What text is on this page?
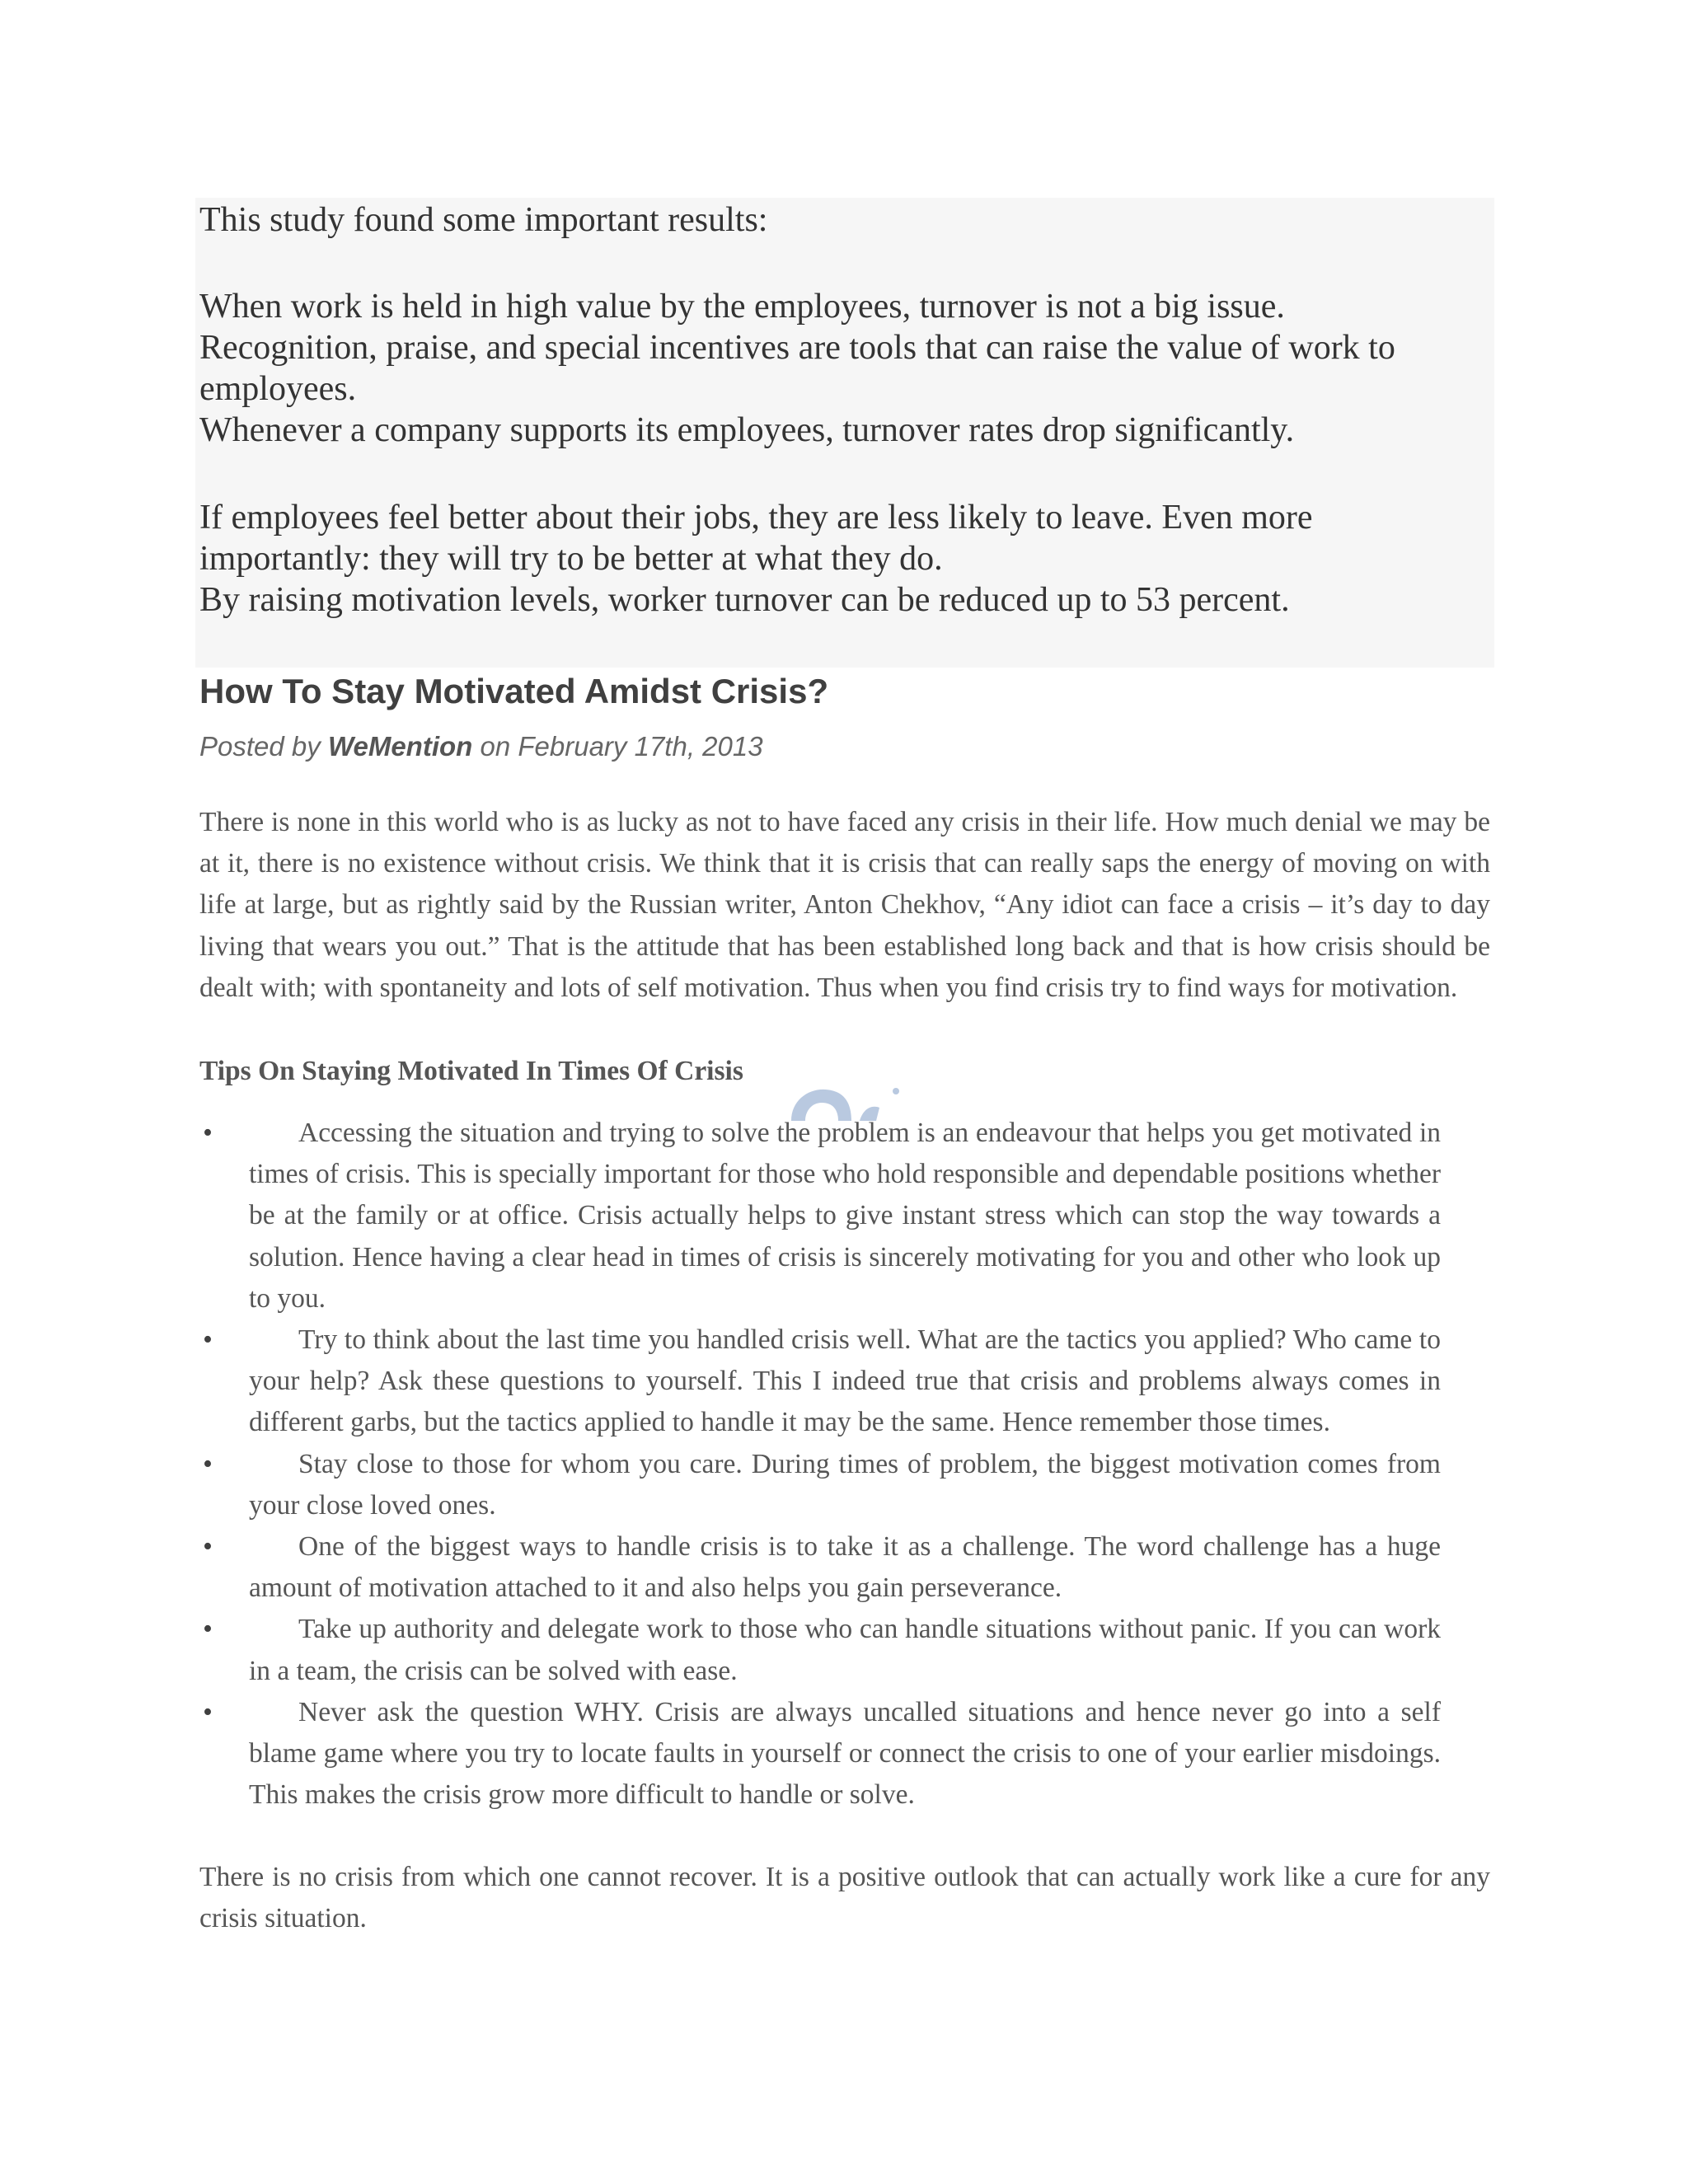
This study found some important results:

When work is held in high value by the employees, turnover is not a big issue.
Recognition, praise, and special incentives are tools that can raise the value of work to employees.
Whenever a company supports its employees, turnover rates drop significantly.

If employees feel better about their jobs, they are less likely to leave. Even more importantly: they will try to be better at what they do.
By raising motivation levels, worker turnover can be reduced up to 53 percent.

How To Stay Motivated Amidst Crisis?

Posted by WeMention on February 17th, 2013

There is none in this world who is as lucky as not to have faced any crisis in their life. How much denial we may be at it, there is no existence without crisis. We think that it is crisis that can really saps the energy of moving on with life at large, but as rightly said by the Russian writer, Anton Chekhov, “Any idiot can face a crisis – it’s day to day living that wears you out.” That is the attitude that has been established long back and that is how crisis should be dealt with; with spontaneity and lots of self motivation. Thus when you find crisis try to find ways for motivation.

Tips On Staying Motivated In Times Of Crisis

•	Accessing the situation and trying to solve the problem is an endeavour that helps you get motivated in times of crisis. This is specially important for those who hold responsible and dependable positions whether be at the family or at office. Crisis actually helps to give instant stress which can stop the way towards a solution. Hence having a clear head in times of crisis is sincerely motivating for you and other who look up to you.
•	Try to think about the last time you handled crisis well. What are the tactics you applied? Who came to your help? Ask these questions to yourself. This I indeed true that crisis and problems always comes in different garbs, but the tactics applied to handle it may be the same. Hence remember those times.
•	Stay close to those for whom you care. During times of problem, the biggest motivation comes from your close loved ones.
•	One of the biggest ways to handle crisis is to take it as a challenge. The word challenge has a huge amount of motivation attached to it and also helps you gain perseverance.
•	Take up authority and delegate work to those who can handle situations without panic. If you can work in a team, the crisis can be solved with ease.
•	Never ask the question WHY. Crisis are always uncalled situations and hence never go into a self blame game where you try to locate faults in yourself or connect the crisis to one of your earlier misdoings. This makes the crisis grow more difficult to handle or solve.

There is no crisis from which one cannot recover. It is a positive outlook that can actually work like a cure for any crisis situation.
